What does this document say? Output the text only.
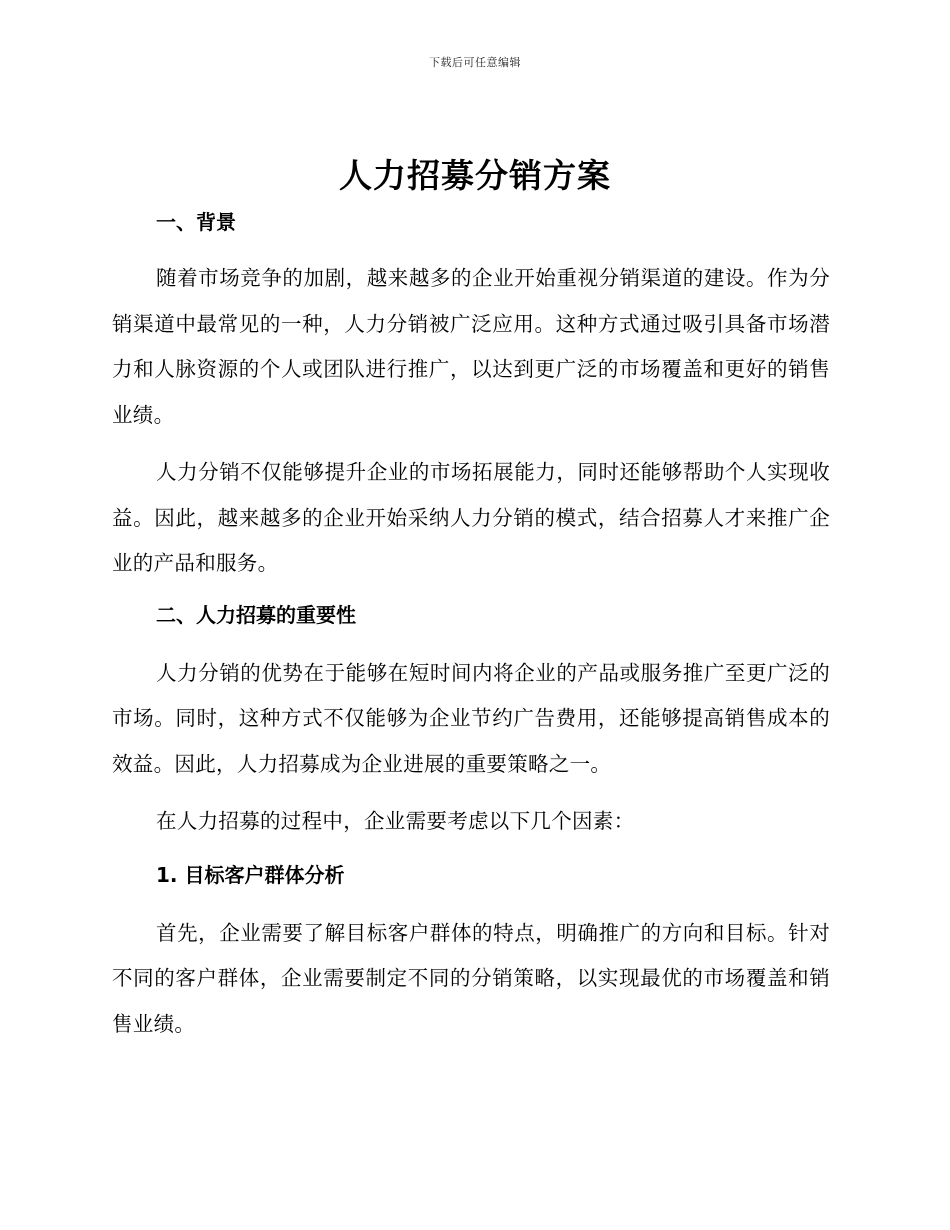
下载后可任意编辑
人力招募分销方案
一、背景

随着市场竞争的加剧，越来越多的企业开始重视分销渠道的建设。作为分销渠道中最常见的一种，人力分销被广泛应用。这种方式通过吸引具备市场潜力和人脉资源的个人或团队进行推广，以达到更广泛的市场覆盖和更好的销售业绩。

人力分销不仅能够提升企业的市场拓展能力，同时还能够帮助个人实现收益。因此，越来越多的企业开始采纳人力分销的模式，结合招募人才来推广企业的产品和服务。

二、人力招募的重要性

人力分销的优势在于能够在短时间内将企业的产品或服务推广至更广泛的市场。同时，这种方式不仅能够为企业节约广告费用，还能够提高销售成本的效益。因此，人力招募成为企业进展的重要策略之一。

在人力招募的过程中，企业需要考虑以下几个因素：

1. 目标客户群体分析

首先，企业需要了解目标客户群体的特点，明确推广的方向和目标。针对不同的客户群体，企业需要制定不同的分销策略，以实现最优的市场覆盖和销售业绩。
